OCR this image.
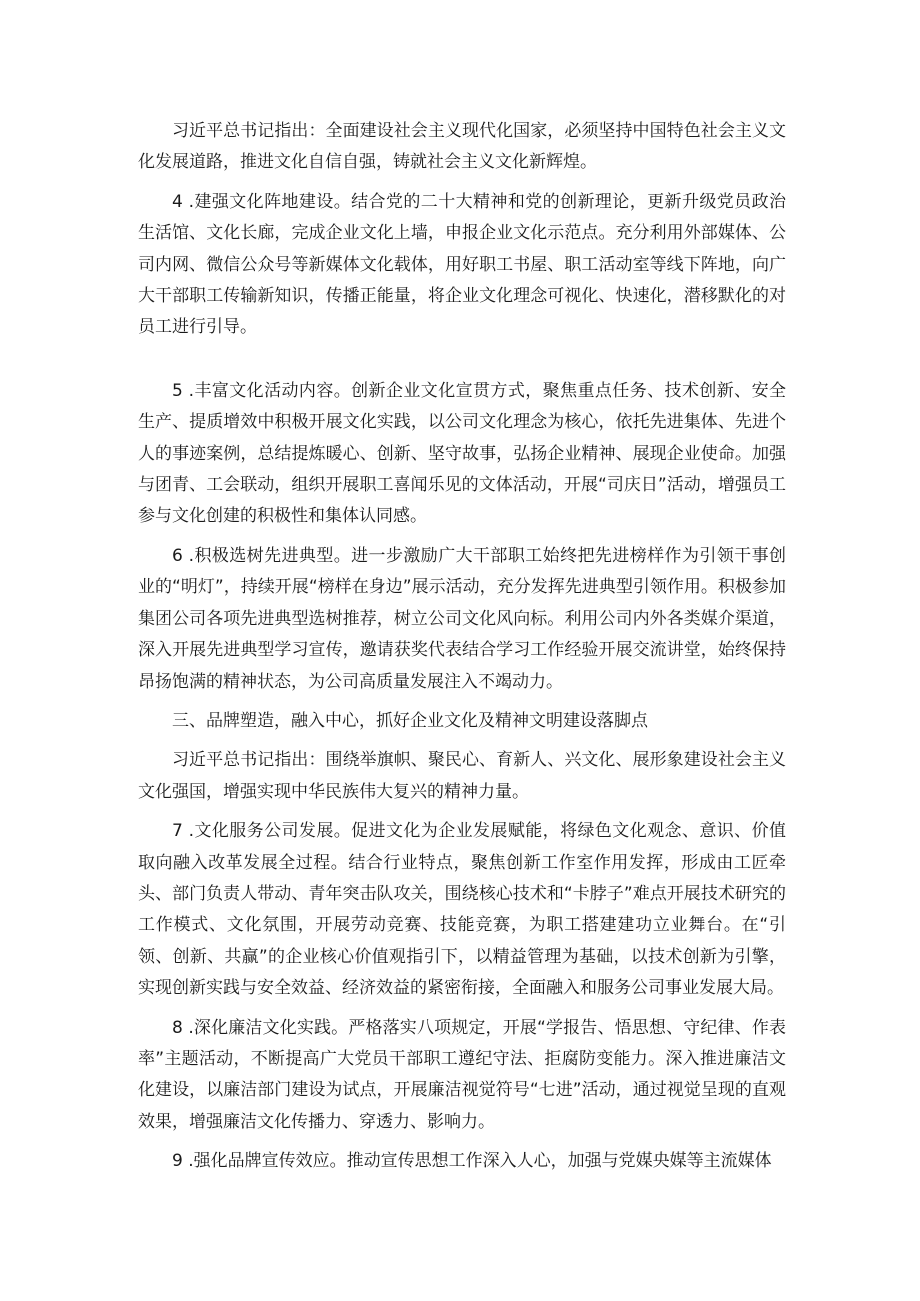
习近平总书记指出：全面建设社会主义现代化国家，必须坚持中国特色社会主义文化发展道路，推进文化自信自强，铸就社会主义文化新辉煌。

4 .建强文化阵地建设。结合党的二十大精神和党的创新理论，更新升级党员政治生活馆、文化长廊，完成企业文化上墙，申报企业文化示范点。充分利用外部媒体、公司内网、微信公众号等新媒体文化载体，用好职工书屋、职工活动室等线下阵地，向广大干部职工传输新知识，传播正能量，将企业文化理念可视化、快速化，潜移默化的对员工进行引导。

5 .丰富文化活动内容。创新企业文化宣贯方式，聚焦重点任务、技术创新、安全生产、提质增效中积极开展文化实践，以公司文化理念为核心，依托先进集体、先进个人的事迹案例，总结提炼暖心、创新、坚守故事，弘扬企业精神、展现企业使命。加强与团青、工会联动，组织开展职工喜闻乐见的文体活动，开展“司庆日”活动，增强员工参与文化创建的积极性和集体认同感。

6 .积极选树先进典型。进一步激励广大干部职工始终把先进榜样作为引领干事创业的“明灯”，持续开展“榜样在身边”展示活动，充分发挥先进典型引领作用。积极参加集团公司各项先进典型选树推荐，树立公司文化风向标。利用公司内外各类媒介渠道，深入开展先进典型学习宣传，邀请获奖代表结合学习工作经验开展交流讲堂，始终保持昂扬饱满的精神状态，为公司高质量发展注入不竭动力。

三、品牌塑造，融入中心，抓好企业文化及精神文明建设落脚点

习近平总书记指出：围绕举旗帜、聚民心、育新人、兴文化、展形象建设社会主义文化强国，增强实现中华民族伟大复兴的精神力量。

7 .文化服务公司发展。促进文化为企业发展赋能，将绿色文化观念、意识、价值取向融入改革发展全过程。结合行业特点，聚焦创新工作室作用发挥，形成由工匠牵头、部门负责人带动、青年突击队攻关，围绕核心技术和“卡脖子”难点开展技术研究的工作模式、文化氛围，开展劳动竞赛、技能竞赛，为职工搭建建功立业舞台。在“引领、创新、共赢”的企业核心价值观指引下，以精益管理为基础，以技术创新为引擎，实现创新实践与安全效益、经济效益的紧密衔接，全面融入和服务公司事业发展大局。

8 .深化廉洁文化实践。严格落实八项规定，开展“学报告、悟思想、守纪律、作表率”主题活动，不断提高广大党员干部职工遵纪守法、拒腐防变能力。深入推进廉洁文化建设，以廉洁部门建设为试点，开展廉洁视觉符号“七进”活动，通过视觉呈现的直观效果，增强廉洁文化传播力、穿透力、影响力。

9 .强化品牌宣传效应。推动宣传思想工作深入人心，加强与党媒央媒等主流媒体
